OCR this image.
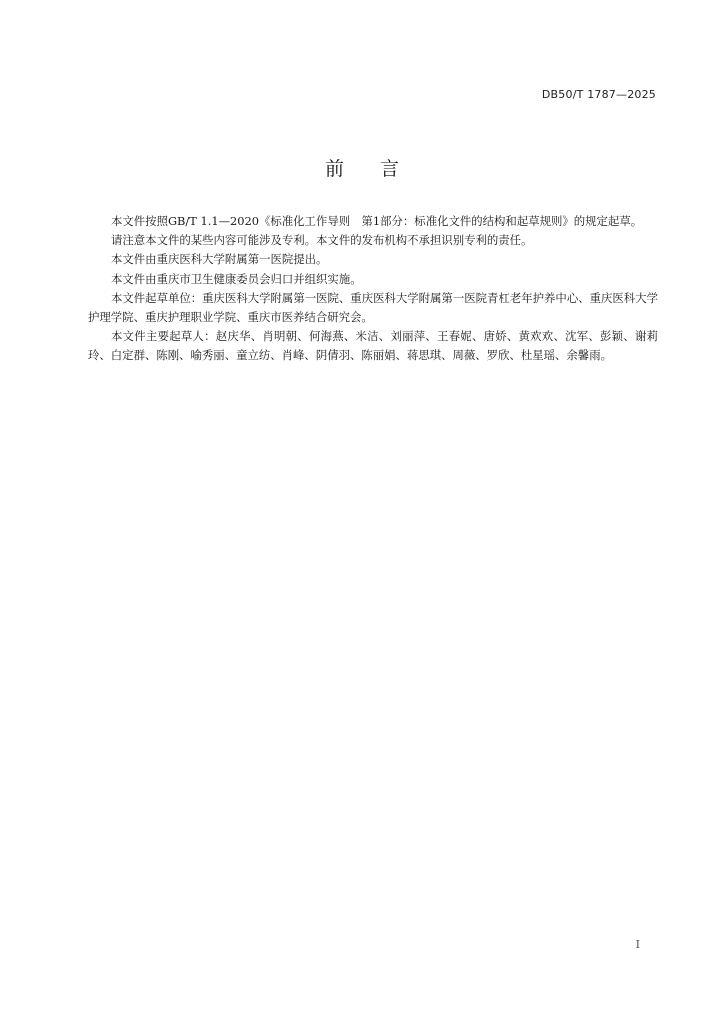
DB50/T 1787—2025
前言

本文件按照GB/T 1.1—2020《标准化工作导则　第1部分：标准化文件的结构和起草规则》的规定起草。

请注意本文件的某些内容可能涉及专利。本文件的发布机构不承担识别专利的责任。

本文件由重庆医科大学附属第一医院提出。

本文件由重庆市卫生健康委员会归口并组织实施。

本文件起草单位：重庆医科大学附属第一医院、重庆医科大学附属第一医院青杠老年护养中心、重庆医科大学护理学院、重庆护理职业学院、重庆市医养结合研究会。

本文件主要起草人：赵庆华、肖明朝、何海燕、米洁、刘丽萍、王春妮、唐娇、黄欢欢、沈军、彭颖、谢莉玲、白定群、陈刚、喻秀丽、童立纺、肖峰、阴倩羽、陈丽娟、蒋思琪、周薇、罗欣、杜星瑶、余馨雨。

I
